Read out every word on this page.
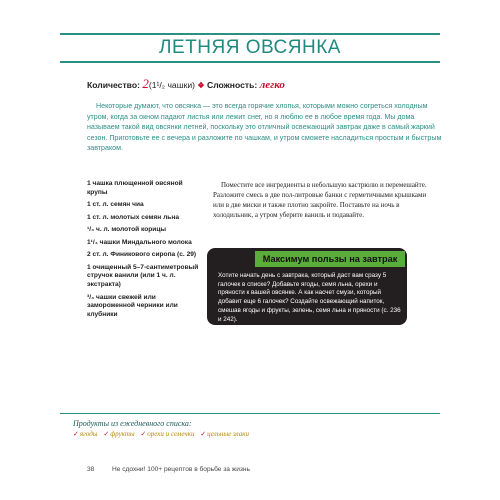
ЛЕТНЯЯ ОВСЯНКА
Количество: 2(1¹/₂ чашки) ❖ Сложность: легко

Некоторые думают, что овсянка — это всегда горячие хлопья, которыми можно согреться холодным утром, когда за окном падают листья или лежит снег, но я люблю ее в любое время года. Мы дома называем такой вид овсянки летней, поскольку это отличный освежающий завтрак даже в самый жаркий сезон. Приготовьте ее с вечера и разложите по чашкам, и утром сможете насладиться простым и быстрым завтраком.

1 чашка плющенной овсяной крупы
1 ст. л. семян чиа
1 ст. л. молотых семян льна
¹/₄ ч. л. молотой корицы
1¹/₄ чашки Миндального молока
2 ст. л. Финикового сиропа (с. 29)
1 очищенный 5–7-сантиметровый стручок ванили (или 1 ч. л. экстракта)
³/₄ чашки свежей или замороженной черники или клубники

Поместите все ингредиенты в небольшую кастрюлю и перемешайте. Разложите смесь в две пол-литровые банки с герметичными крышками или в две миски и также плотно закройте. Поставьте на ночь в холодильник, а утром уберите ваниль и подавайте.

Максимум пользы на завтрак

Хотите начать день с завтрака, который даст вам сразу 5 галочек в списке? Добавьте ягоды, семя льна, орехи и пряности к вашей овсянке. А как насчет смузи, который добавит еще 6 галочек? Создайте освежающий напиток, смешав ягоды и фрукты, зелень, семя льна и пряности (с. 236 и 242).

Продукты из ежедневного списка:
✓ягоды ✓фрукты ✓орехи и семечки ✓цельные злаки
38	Не сдохни! 100+ рецептов в борьбе за жизнь
